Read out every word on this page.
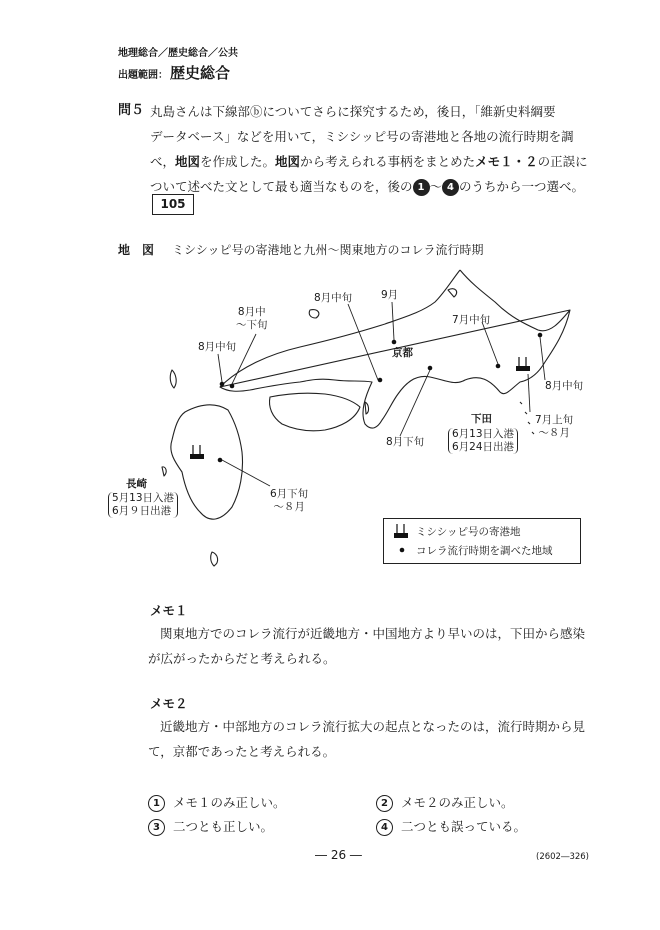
地理総合／歴史総合／公共
出題範囲： 歴史総合
問５ 丸島さんは下線部ⓑについてさらに探究するため，後日，「維新史料綱要
データベース」などを用いて，ミシシッピ号の寄港地と各地の流行時期を調
べ，地図を作成した。地図から考えられる事柄をまとめたメモ１・２の正誤に
ついて述べた文として最も適当なものを，後の 1 ～ 4 のうちから一つ選べ。
105
地　図 ミシシッピ号の寄港地と九州～関東地方のコレラ流行時期
8月中
～下旬
8月中旬
8月中旬	9月
京都
7月中旬
8月中旬
7月上旬
～８月
下田
6月13日入港
6月24日出港
8月下旬
長崎
5月13日入港
6月９日出港
6月下旬
～８月
ミシシッピ号の寄港地
コレラ流行時期を調べた地域
メモ１
関東地方でのコレラ流行が近畿地方・中国地方より早いのは，下田から感染
が広がったからだと考えられる。
メモ２
近畿地方・中部地方のコレラ流行拡大の起点となったのは，流行時期から見
て，京都であったと考えられる。
1 メモ１のみ正しい。	2 メモ２のみ正しい。
3 二つとも正しい。	4 二つとも誤っている。
― 26 ―	(2602―326)
